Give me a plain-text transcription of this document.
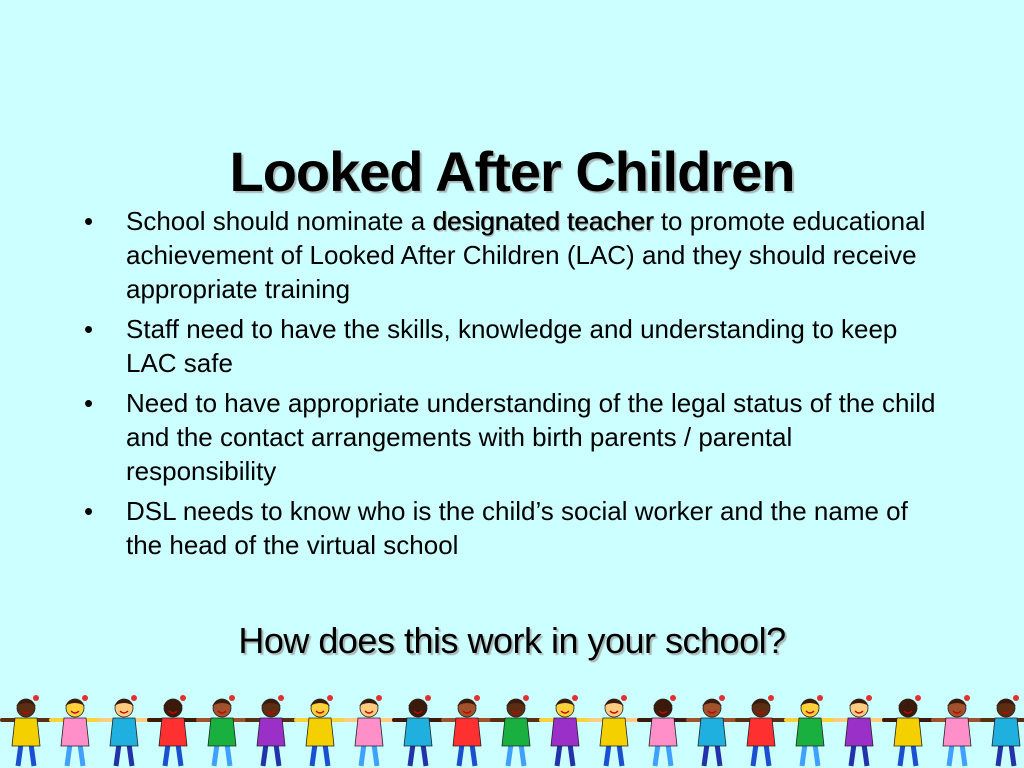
Looked After Children
• School should nominate a designated teacher to promote educational achievement of Looked After Children (LAC) and they should receive appropriate training
• Staff need to have the skills, knowledge and understanding to keep LAC safe
• Need to have appropriate understanding of the legal status of the child and the contact arrangements with birth parents / parental responsibility
• DSL needs to know who is the child’s social worker and the name of the head of the virtual school
How does this work in your school?
